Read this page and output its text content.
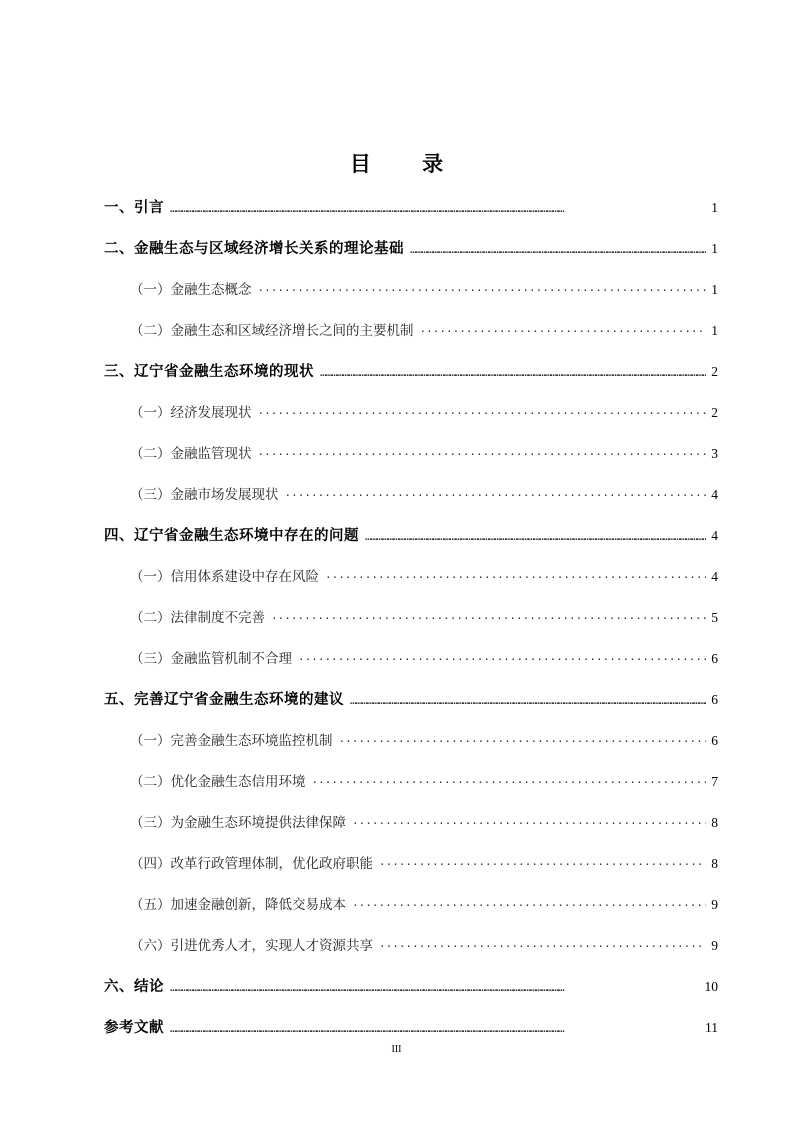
目 录
一、引言 …………………………………………………………………………………………………………………………………………………………………………………………	1
二、金融生态与区域经济增长关系的理论基础 …………………………………………………………………………………………………………………………………………………………………………………………	1
（一）金融生态概念 ·····	1
（二）金融生态和区域经济增长之间的主要机制 ·····	1
三、辽宁省金融生态环境的现状 …………………………………………………………………………………………………………………………………………………………………………………………	2
（一）经济发展现状 ·····	2
（二）金融监管现状 ·····	3
（三）金融市场发展现状 ·····	4
四、辽宁省金融生态环境中存在的问题 …………………………………………………………………………………………………………………………………………………………………………………………	4
（一）信用体系建设中存在风险 ·····	4
（二）法律制度不完善 ·····	5
（三）金融监管机制不合理 ·····	6
五、完善辽宁省金融生态环境的建议 …………………………………………………………………………………………………………………………………………………………………………………………	6
（一）完善金融生态环境监控机制 ·····	6
（二）优化金融生态信用环境 ·····	7
（三）为金融生态环境提供法律保障 ·····	8
（四）改革行政管理体制，优化政府职能 ·····	8
（五）加速金融创新，降低交易成本 ·····	9
（六）引进优秀人才，实现人才资源共享 ·····	9
六、结论 …………………………………………………………………………………………………………………………………………………………………………………………	10
参考文献 …………………………………………………………………………………………………………………………………………………………………………………………	11
III
